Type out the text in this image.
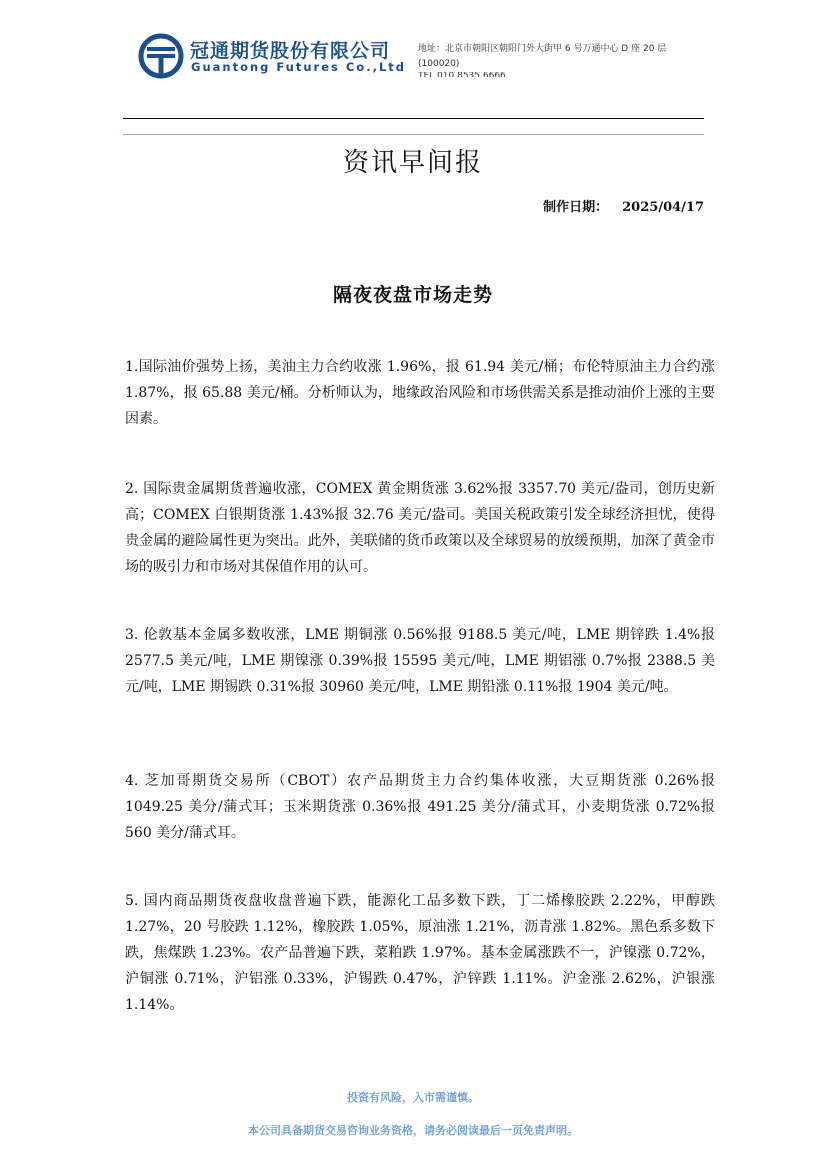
冠通期货股份有限公司
Guantong Futures Co.,Ltd
地址：北京市朝阳区朝阳门外大街甲 6 号万通中心 D 座 20 层 (100020)
TEL 010 8535 6666
资讯早间报
制作日期： 2025/04/17
隔夜夜盘市场走势
1.国际油价强势上扬，美油主力合约收涨 1.96%，报 61.94 美元/桶；布伦特原油主力合约涨 1.87%，报 65.88 美元/桶。分析师认为，地缘政治风险和市场供需关系是推动油价上涨的主要因素。
2. 国际贵金属期货普遍收涨，COMEX 黄金期货涨 3.62%报 3357.70 美元/盎司，创历史新高；COMEX 白银期货涨 1.43%报 32.76 美元/盎司。美国关税政策引发全球经济担忧，使得贵金属的避险属性更为突出。此外，美联储的货币政策以及全球贸易的放缓预期，加深了黄金市场的吸引力和市场对其保值作用的认可。
3. 伦敦基本金属多数收涨，LME 期铜涨 0.56%报 9188.5 美元/吨，LME 期锌跌 1.4%报 2577.5 美元/吨，LME 期镍涨 0.39%报 15595 美元/吨，LME 期铝涨 0.7%报 2388.5 美元/吨，LME 期锡跌 0.31%报 30960 美元/吨，LME 期铅涨 0.11%报 1904 美元/吨。
4. 芝加哥期货交易所（CBOT）农产品期货主力合约集体收涨，大豆期货涨 0.26%报 1049.25 美分/蒲式耳；玉米期货涨 0.36%报 491.25 美分/蒲式耳，小麦期货涨 0.72%报 560 美分/蒲式耳。
5. 国内商品期货夜盘收盘普遍下跌，能源化工品多数下跌，丁二烯橡胶跌 2.22%，甲醇跌 1.27%，20 号胶跌 1.12%，橡胶跌 1.05%，原油涨 1.21%，沥青涨 1.82%。黑色系多数下跌，焦煤跌 1.23%。农产品普遍下跌，菜粕跌 1.97%。基本金属涨跌不一，沪镍涨 0.72%，沪铜涨 0.71%，沪铝涨 0.33%，沪锡跌 0.47%，沪锌跌 1.11%。沪金涨 2.62%，沪银涨 1.14%。
投资有风险，入市需谨慎。
本公司具备期货交易咨询业务资格，请务必阅读最后一页免责声明。
